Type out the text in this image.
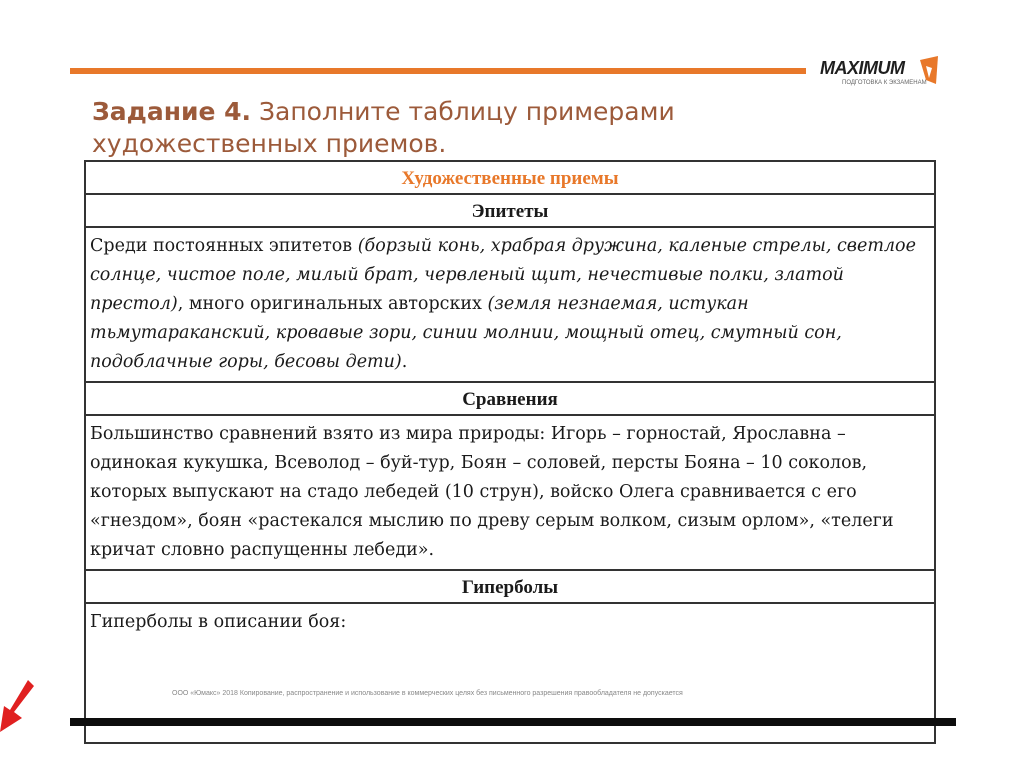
MAXIMUM
ПОДГОТОВКА К ЭКЗАМЕНАМ
Задание 4. Заполните таблицу примерами художественных приемов.
Художественные приемы
Эпитеты
Среди постоянных эпитетов (борзый конь, храбрая дружина, каленые стрелы, светлое солнце, чистое поле, милый брат, червленый щит, нечестивые полки, златой престол), много оригинальных авторских (земля незнаемая, истукан тьмутараканский, кровавые зори, синии молнии, мощный отец, смутный сон, подоблачные горы, бесовы дети).
Сравнения
Большинство сравнений взято из мира природы: Игорь – горностай, Ярославна – одинокая кукушка, Всеволод – буй-тур, Боян – соловей, персты Бояна – 10 соколов, которых выпускают на стадо лебедей (10 струн), войско Олега сравнивается с его «гнездом», боян «растекался мыслию по древу серым волком, сизым орлом», «телеги кричат словно распущенны лебеди».
Гиперболы
Гиперболы в описании боя:
ООО «Юмакс» 2018 Копирование, распространение и использование в коммерческих целях без письменного разрешения правообладателя не допускается
